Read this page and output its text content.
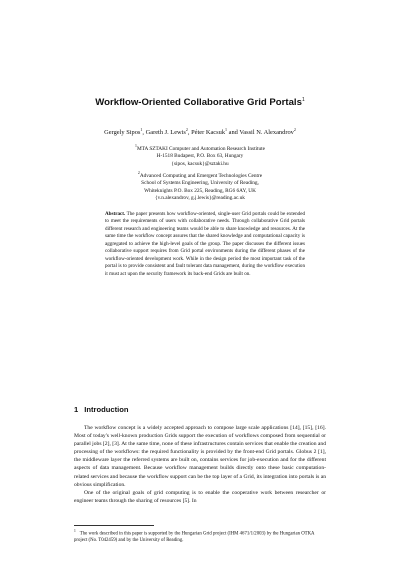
Workflow-Oriented Collaborative Grid Portals$^1$
Gergely Sipos$^1$, Gareth J. Lewis$^2$, Péter Kacsuk$^1$ and Vassil N. Alexandrov$^2$
$^1$MTA SZTAKI Computer and Automation Research Institute
H-1518 Budapest, P.O. Box 63, Hungary
{sipos, kacsuk}@sztaki.hu
$^2$Advanced Computing and Emergent Technologies Centre
School of Systems Engineering, University of Reading,
Whiteknights P.O. Box 225, Reading, RG6 6AY, UK
{v.n.alexandrov, g.j.lewis}@reading.ac.uk
Abstract. The paper presents how workflow-oriented, single-user Grid portals could be extended to meet the requirements of users with collaborative needs. Through collaborative Grid portals different research and engineering teams would be able to share knowledge and resources. At the same time the workflow concept assures that the shared knowledge and computational capacity is aggregated to achieve the high-level goals of the group. The paper discusses the different issues collaborative support requires from Grid portal environments during the different phases of the workflow-oriented development work. While in the design period the most important task of the portal is to provide consistent and fault tolerant data management, during the workflow execution it must act upon the security framework its back-end Grids are built on.
1 Introduction

The workflow concept is a widely accepted approach to compose large scale applications [14], [15], [16]. Most of today's well-known production Grids support the execution of workflows composed from sequential or parallel jobs [2], [3]. At the same time, none of these infrastructures contain services that enable the creation and processing of the workflows: the required functionality is provided by the front-end Grid portals. Globus 2 [1], the middleware layer the referred systems are built on, contains services for job-execution and for the different aspects of data management. Because workflow management builds directly onto these basic computation-related services and because the workflow support can be the top layer of a Grid, its integration into portals is an obvious simplification.

One of the original goals of grid computing is to enable the cooperative work between researcher or engineer teams through the sharing of resources [5]. In

$^1$The work described in this paper is supported by the Hungarian Grid project (IHM 4671/1/2003) by the Hungarian OTKA project (No. T042459) and by the University of Reading.
